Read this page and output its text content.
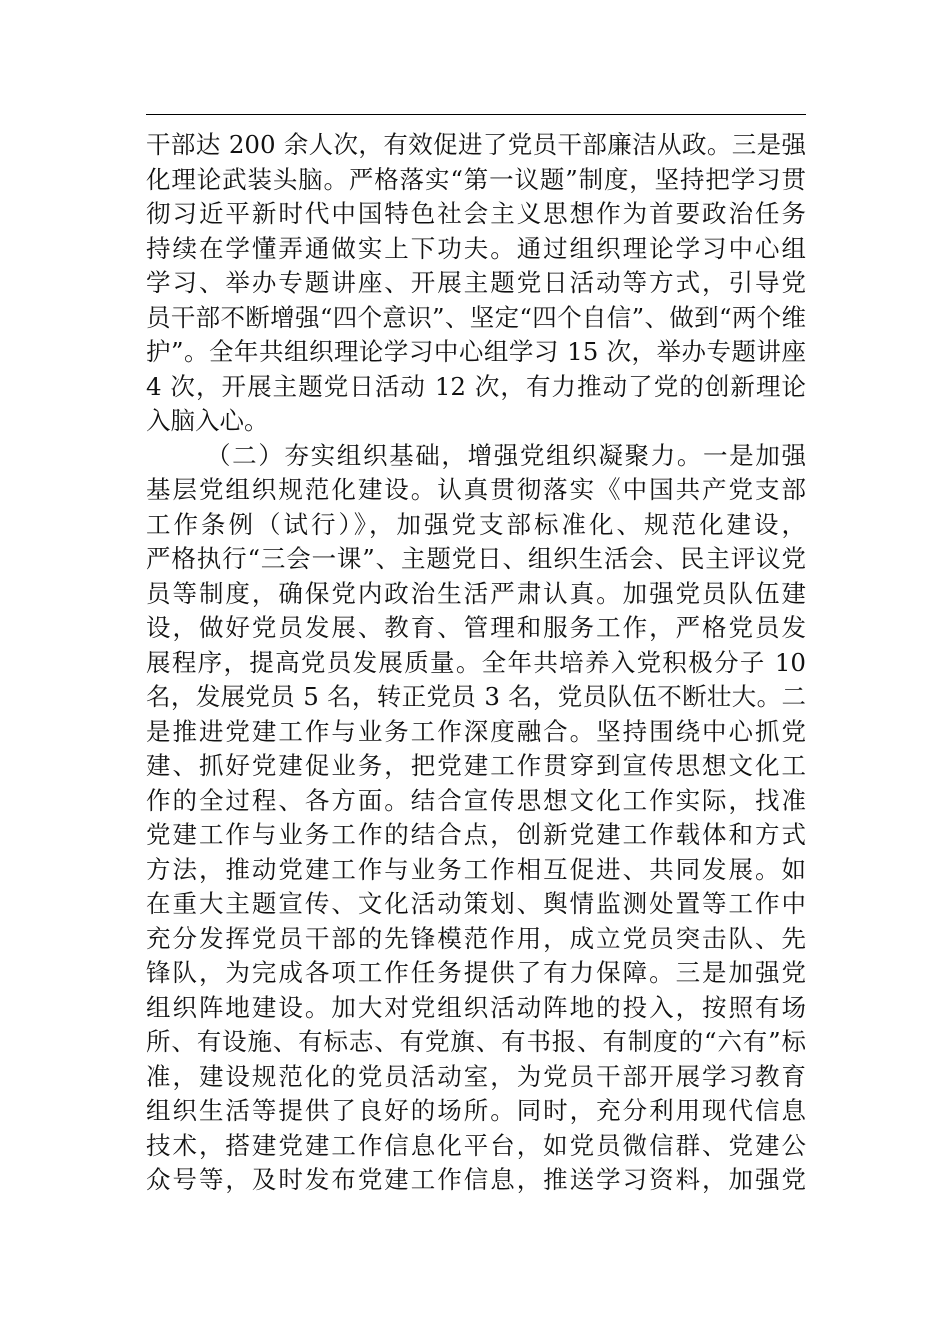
干部达 200 余人次，有效促进了党员干部廉洁从政。三是强
化理论武装头脑。严格落实“第一议题”制度，坚持把学习贯
彻习近平新时代中国特色社会主义思想作为首要政治任务
持续在学懂弄通做实上下功夫。通过组织理论学习中心组
学习、举办专题讲座、开展主题党日活动等方式，引导党
员干部不断增强“四个意识”、坚定“四个自信”、做到“两个维
护”。全年共组织理论学习中心组学习 15 次，举办专题讲座
4 次，开展主题党日活动 12 次，有力推动了党的创新理论
入脑入心。
（二）夯实组织基础，增强党组织凝聚力。一是加强
基层党组织规范化建设。认真贯彻落实《中国共产党支部
工作条例（试行）》，加强党支部标准化、规范化建设，
严格执行“三会一课”、主题党日、组织生活会、民主评议党
员等制度，确保党内政治生活严肃认真。加强党员队伍建
设，做好党员发展、教育、管理和服务工作，严格党员发
展程序，提高党员发展质量。全年共培养入党积极分子 10
名，发展党员 5 名，转正党员 3 名，党员队伍不断壮大。二
是推进党建工作与业务工作深度融合。坚持围绕中心抓党
建、抓好党建促业务，把党建工作贯穿到宣传思想文化工
作的全过程、各方面。结合宣传思想文化工作实际，找准
党建工作与业务工作的结合点，创新党建工作载体和方式
方法，推动党建工作与业务工作相互促进、共同发展。如
在重大主题宣传、文化活动策划、舆情监测处置等工作中
充分发挥党员干部的先锋模范作用，成立党员突击队、先
锋队，为完成各项工作任务提供了有力保障。三是加强党
组织阵地建设。加大对党组织活动阵地的投入，按照有场
所、有设施、有标志、有党旗、有书报、有制度的“六有”标
准，建设规范化的党员活动室，为党员干部开展学习教育
组织生活等提供了良好的场所。同时，充分利用现代信息
技术，搭建党建工作信息化平台，如党员微信群、党建公
众号等，及时发布党建工作信息，推送学习资料，加强党
